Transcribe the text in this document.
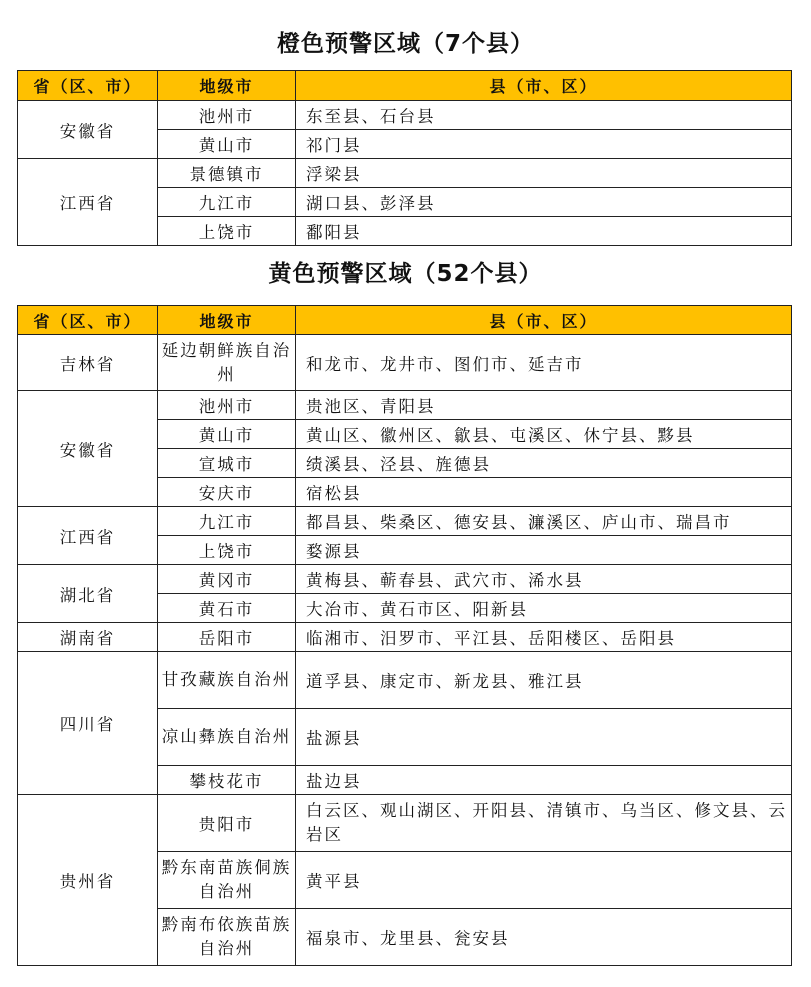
橙色预警区域（7个县）
省（区、市）	地级市	县（市、区）
安徽省	池州市	东至县、石台县
	黄山市	祁门县
江西省	景德镇市	浮梁县
	九江市	湖口县、彭泽县
	上饶市	鄱阳县
黄色预警区域（52个县）
省（区、市）	地级市	县（市、区）
吉林省	延边朝鲜族自治州	和龙市、龙井市、图们市、延吉市
安徽省	池州市	贵池区、青阳县
	黄山市	黄山区、徽州区、歙县、屯溪区、休宁县、黟县
	宣城市	绩溪县、泾县、旌德县
	安庆市	宿松县
江西省	九江市	都昌县、柴桑区、德安县、濂溪区、庐山市、瑞昌市
	上饶市	婺源县
湖北省	黄冈市	黄梅县、蕲春县、武穴市、浠水县
	黄石市	大冶市、黄石市区、阳新县
湖南省	岳阳市	临湘市、汨罗市、平江县、岳阳楼区、岳阳县
四川省	甘孜藏族自治州	道孚县、康定市、新龙县、雅江县
	凉山彝族自治州	盐源县
	攀枝花市	盐边县
贵州省	贵阳市	白云区、观山湖区、开阳县、清镇市、乌当区、修文县、云岩区
	黔东南苗族侗族自治州	黄平县
	黔南布依族苗族自治州	福泉市、龙里县、瓮安县
